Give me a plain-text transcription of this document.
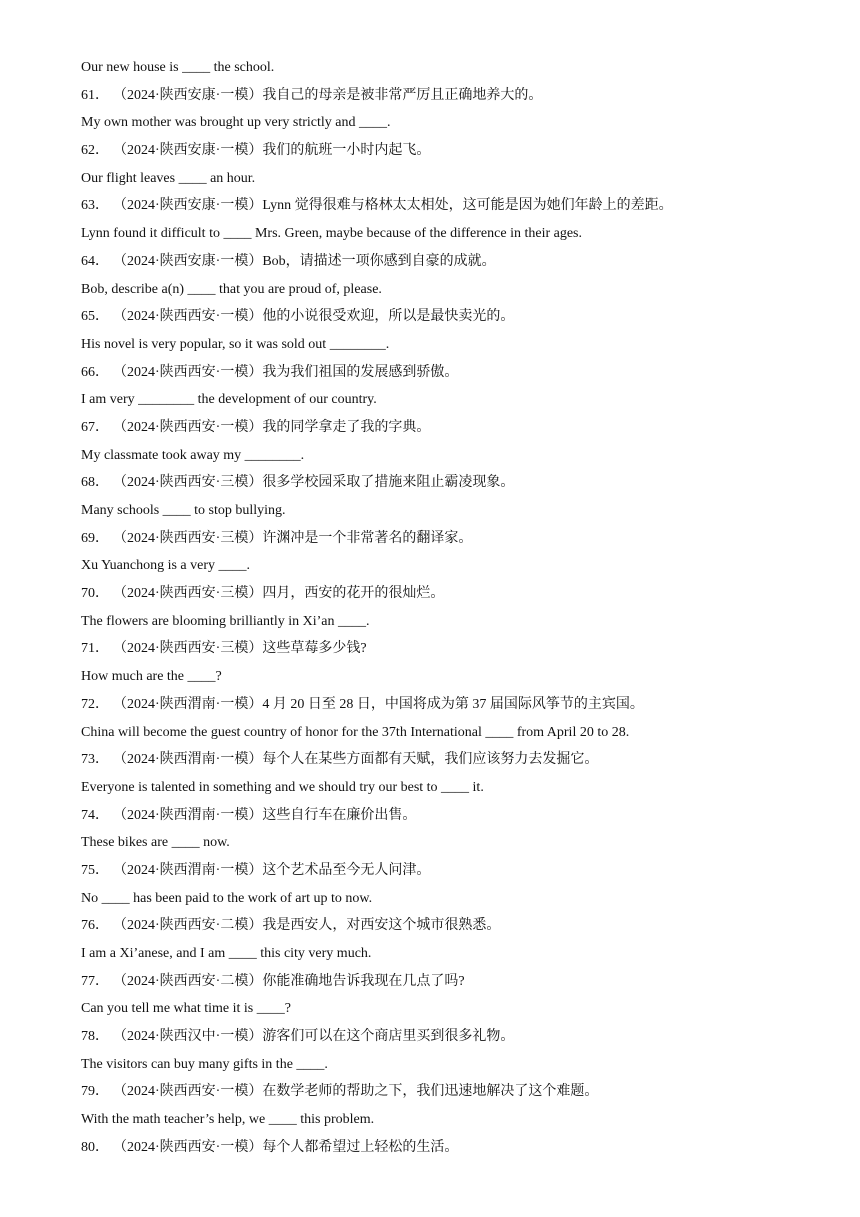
Our new house is ____ the school.
61． （2024·陕西安康·一模）我自己的母亲是被非常严厉且正确地养大的。
My own mother was brought up very strictly and ____.
62． （2024·陕西安康·一模）我们的航班一小时内起飞。
Our flight leaves ____ an hour.
63． （2024·陕西安康·一模）Lynn 觉得很难与格林太太相处，这可能是因为她们年龄上的差距。
Lynn found it difficult to ____ Mrs. Green, maybe because of the difference in their ages.
64． （2024·陕西安康·一模）Bob，请描述一项你感到自豪的成就。
Bob, describe a(n) ____ that you are proud of, please.
65． （2024·陕西西安·一模）他的小说很受欢迎，所以是最快卖光的。
His novel is very popular, so it was sold out ________.
66． （2024·陕西西安·一模）我为我们祖国的发展感到骄傲。
I am very ________ the development of our country.
67． （2024·陕西西安·一模）我的同学拿走了我的字典。
My classmate took away my ________.
68． （2024·陕西西安·三模）很多学校园采取了措施来阻止霸凌现象。
Many schools ____ to stop bullying.
69． （2024·陕西西安·三模）许渊冲是一个非常著名的翻译家。
Xu Yuanchong is a very ____.
70． （2024·陕西西安·三模）四月，西安的花开的很灿烂。
The flowers are blooming brilliantly in Xi’an ____.
71． （2024·陕西西安·三模）这些草莓多少钱?
How much are the ____?
72． （2024·陕西渭南·一模）4 月 20 日至 28 日，中国将成为第 37 届国际风筝节的主宾国。
China will become the guest country of honor for the 37th International ____ from April 20 to 28.
73． （2024·陕西渭南·一模）每个人在某些方面都有天赋，我们应该努力去发掘它。
Everyone is talented in something and we should try our best to ____ it.
74． （2024·陕西渭南·一模）这些自行车在廉价出售。
These bikes are ____ now.
75． （2024·陕西渭南·一模）这个艺术品至今无人问津。
No ____ has been paid to the work of art up to now.
76． （2024·陕西西安·二模）我是西安人，对西安这个城市很熟悉。
I am a Xi’anese, and I am ____ this city very much.
77． （2024·陕西西安·二模）你能准确地告诉我现在几点了吗?
Can you tell me what time it is ____?
78． （2024·陕西汉中·一模）游客们可以在这个商店里买到很多礼物。
The visitors can buy many gifts in the ____.
79． （2024·陕西西安·一模）在数学老师的帮助之下，我们迅速地解决了这个难题。
With the math teacher’s help, we ____ this problem.
80． （2024·陕西西安·一模）每个人都希望过上轻松的生活。
